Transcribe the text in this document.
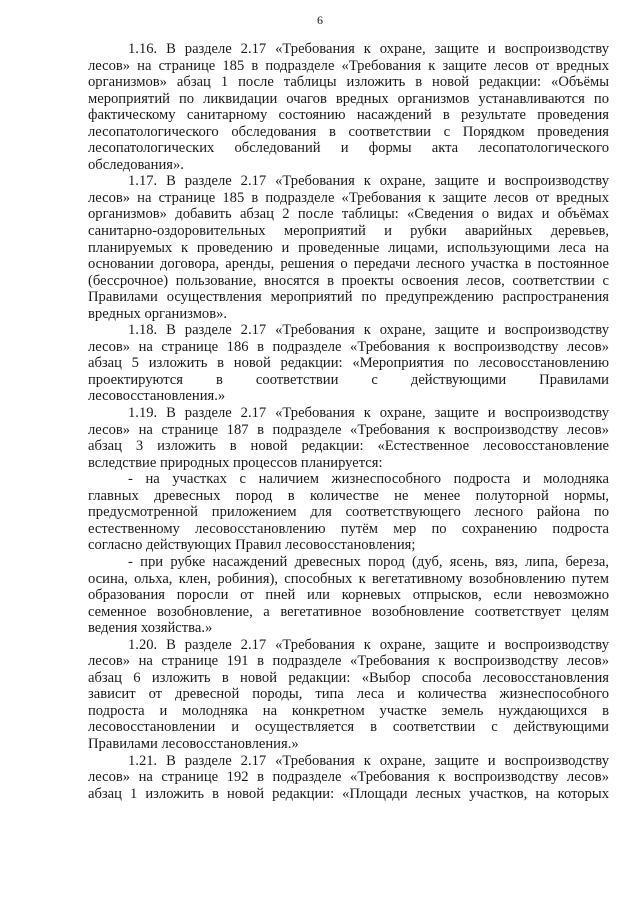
6
1.16. В разделе 2.17 «Требования к охране, защите и воспроизводству
лесов» на странице 185 в подразделе «Требования к защите лесов от вредных
организмов» абзац 1 после таблицы изложить в новой редакции: «Объёмы
мероприятий по ликвидации очагов вредных организмов устанавливаются по
фактическому санитарному состоянию насаждений в результате проведения
лесопатологического обследования в соответствии с Порядком проведения
лесопатологических обследований и формы акта лесопатологического
обследования».
1.17. В разделе 2.17 «Требования к охране, защите и воспроизводству
лесов» на странице 185 в подразделе «Требования к защите лесов от вредных
организмов» добавить абзац 2 после таблицы: «Сведения о видах и объёмах
санитарно-оздоровительных мероприятий и рубки аварийных деревьев,
планируемых к проведению и проведенные лицами, использующими леса на
основании договора, аренды, решения о передачи лесного участка в постоянное
(бессрочное) пользование, вносятся в проекты освоения лесов, соответствии с
Правилами осуществления мероприятий по предупреждению распространения
вредных организмов».
1.18. В разделе 2.17 «Требования к охране, защите и воспроизводству
лесов» на странице 186 в подразделе «Требования к воспроизводству лесов»
абзац 5 изложить в новой редакции: «Мероприятия по лесовосстановлению
проектируются в соответствии с действующими Правилами
лесовосстановления.»
1.19. В разделе 2.17 «Требования к охране, защите и воспроизводству
лесов» на странице 187 в подразделе «Требования к воспроизводству лесов»
абзац 3 изложить в новой редакции: «Естественное лесовосстановление
вследствие природных процессов планируется:
- на участках с наличием жизнеспособного подроста и молодняка
главных древесных пород в количестве не менее полуторной нормы,
предусмотренной приложением для соответствующего лесного района по
естественному лесовосстановлению путём мер по сохранению подроста
согласно действующих Правил лесовосстановления;
- при рубке насаждений древесных пород (дуб, ясень, вяз, липа, береза,
осина, ольха, клен, робиния), способных к вегетативному возобновлению путем
образования поросли от пней или корневых отпрысков, если невозможно
семенное возобновление, а вегетативное возобновление соответствует целям
ведения хозяйства.»
1.20. В разделе 2.17 «Требования к охране, защите и воспроизводству
лесов» на странице 191 в подразделе «Требования к воспроизводству лесов»
абзац 6 изложить в новой редакции: «Выбор способа лесовосстановления
зависит от древесной породы, типа леса и количества жизнеспособного
подроста и молодняка на конкретном участке земель нуждающихся в
лесовосстановлении и осуществляется в соответствии с действующими
Правилами лесовосстановления.»
1.21. В разделе 2.17 «Требования к охране, защите и воспроизводству
лесов» на странице 192 в подразделе «Требования к воспроизводству лесов»
абзац 1 изложить в новой редакции: «Площади лесных участков, на которых
